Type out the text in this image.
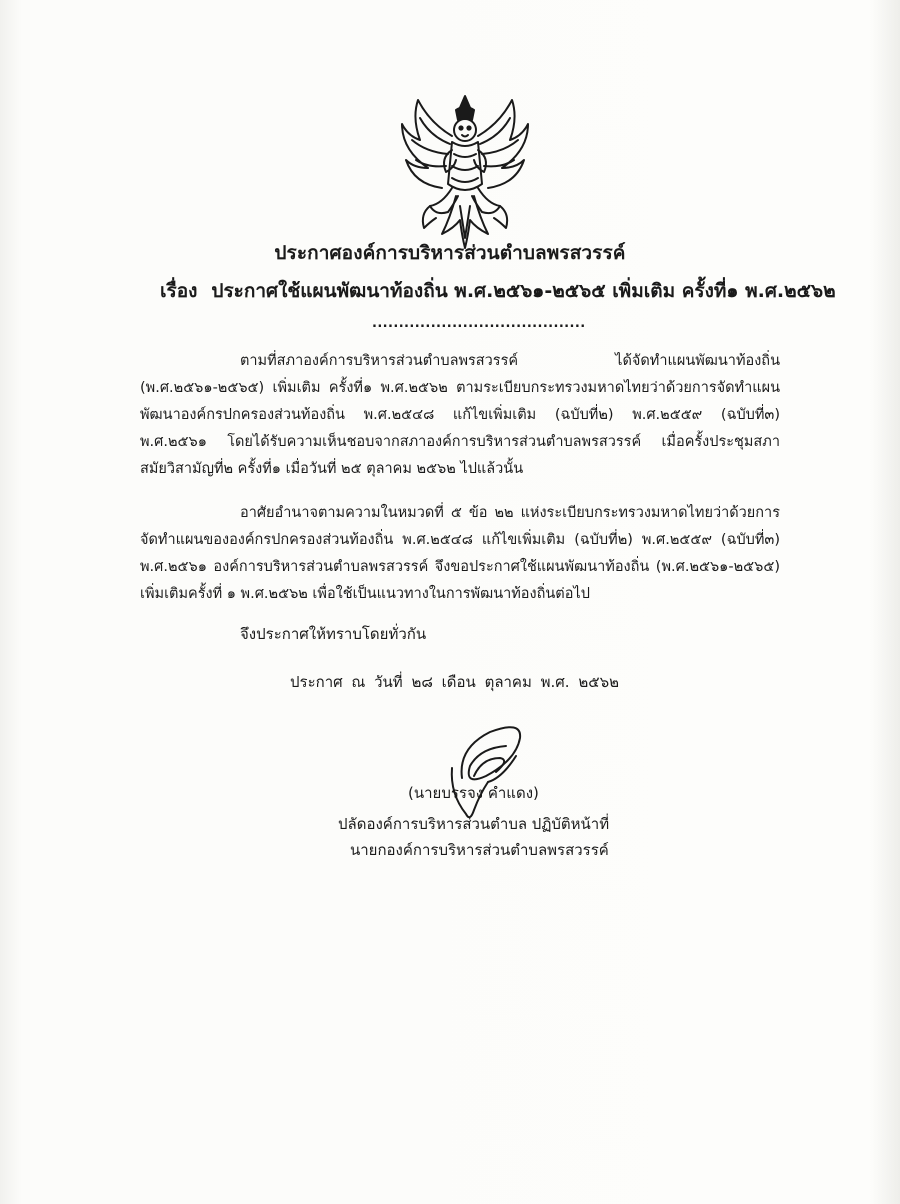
ประกาศองค์การบริหารส่วนตำบลพรสวรรค์
เรื่อง ประกาศใช้แผนพัฒนาท้องถิ่น พ.ศ.๒๕๖๑-๒๕๖๕ เพิ่มเติม ครั้งที่๑ พ.ศ.๒๕๖๒
........................................
ตามที่สภาองค์การบริหารส่วนตำบลพรสวรรค์ ได้จัดทำแผนพัฒนาท้องถิ่น (พ.ศ.๒๕๖๑-๒๕๖๕) เพิ่มเติม ครั้งที่๑ พ.ศ.๒๕๖๒ ตามระเบียบกระทรวงมหาดไทยว่าด้วยการจัดทำแผนพัฒนาองค์กรปกครองส่วนท้องถิ่น พ.ศ.๒๕๔๘ แก้ไขเพิ่มเติม (ฉบับที่๒) พ.ศ.๒๕๕๙ (ฉบับที่๓) พ.ศ.๒๕๖๑ โดยได้รับความเห็นชอบจากสภาองค์การบริหารส่วนตำบลพรสวรรค์ เมื่อครั้งประชุมสภา สมัยวิสามัญที่๒ ครั้งที่๑ เมื่อวันที่ ๒๕ ตุลาคม ๒๕๖๒ ไปแล้วนั้น
อาศัยอำนาจตามความในหมวดที่ ๕ ข้อ ๒๒ แห่งระเบียบกระทรวงมหาดไทยว่าด้วยการจัดทำแผนขององค์กรปกครองส่วนท้องถิ่น พ.ศ.๒๕๔๘ แก้ไขเพิ่มเติม (ฉบับที่๒) พ.ศ.๒๕๕๙ (ฉบับที่๓) พ.ศ.๒๕๖๑ องค์การบริหารส่วนตำบลพรสวรรค์ จึงขอประกาศใช้แผนพัฒนาท้องถิ่น (พ.ศ.๒๕๖๑-๒๕๖๕) เพิ่มเติมครั้งที่ ๑ พ.ศ.๒๕๖๒ เพื่อใช้เป็นแนวทางในการพัฒนาท้องถิ่นต่อไป
จึงประกาศให้ทราบโดยทั่วกัน
ประกาศ ณ วันที่ ๒๘ เดือน ตุลาคม พ.ศ. ๒๕๖๒
(นายบรรจง คำแดง)
ปลัดองค์การบริหารส่วนตำบล ปฏิบัติหน้าที่
นายกองค์การบริหารส่วนตำบลพรสวรรค์
